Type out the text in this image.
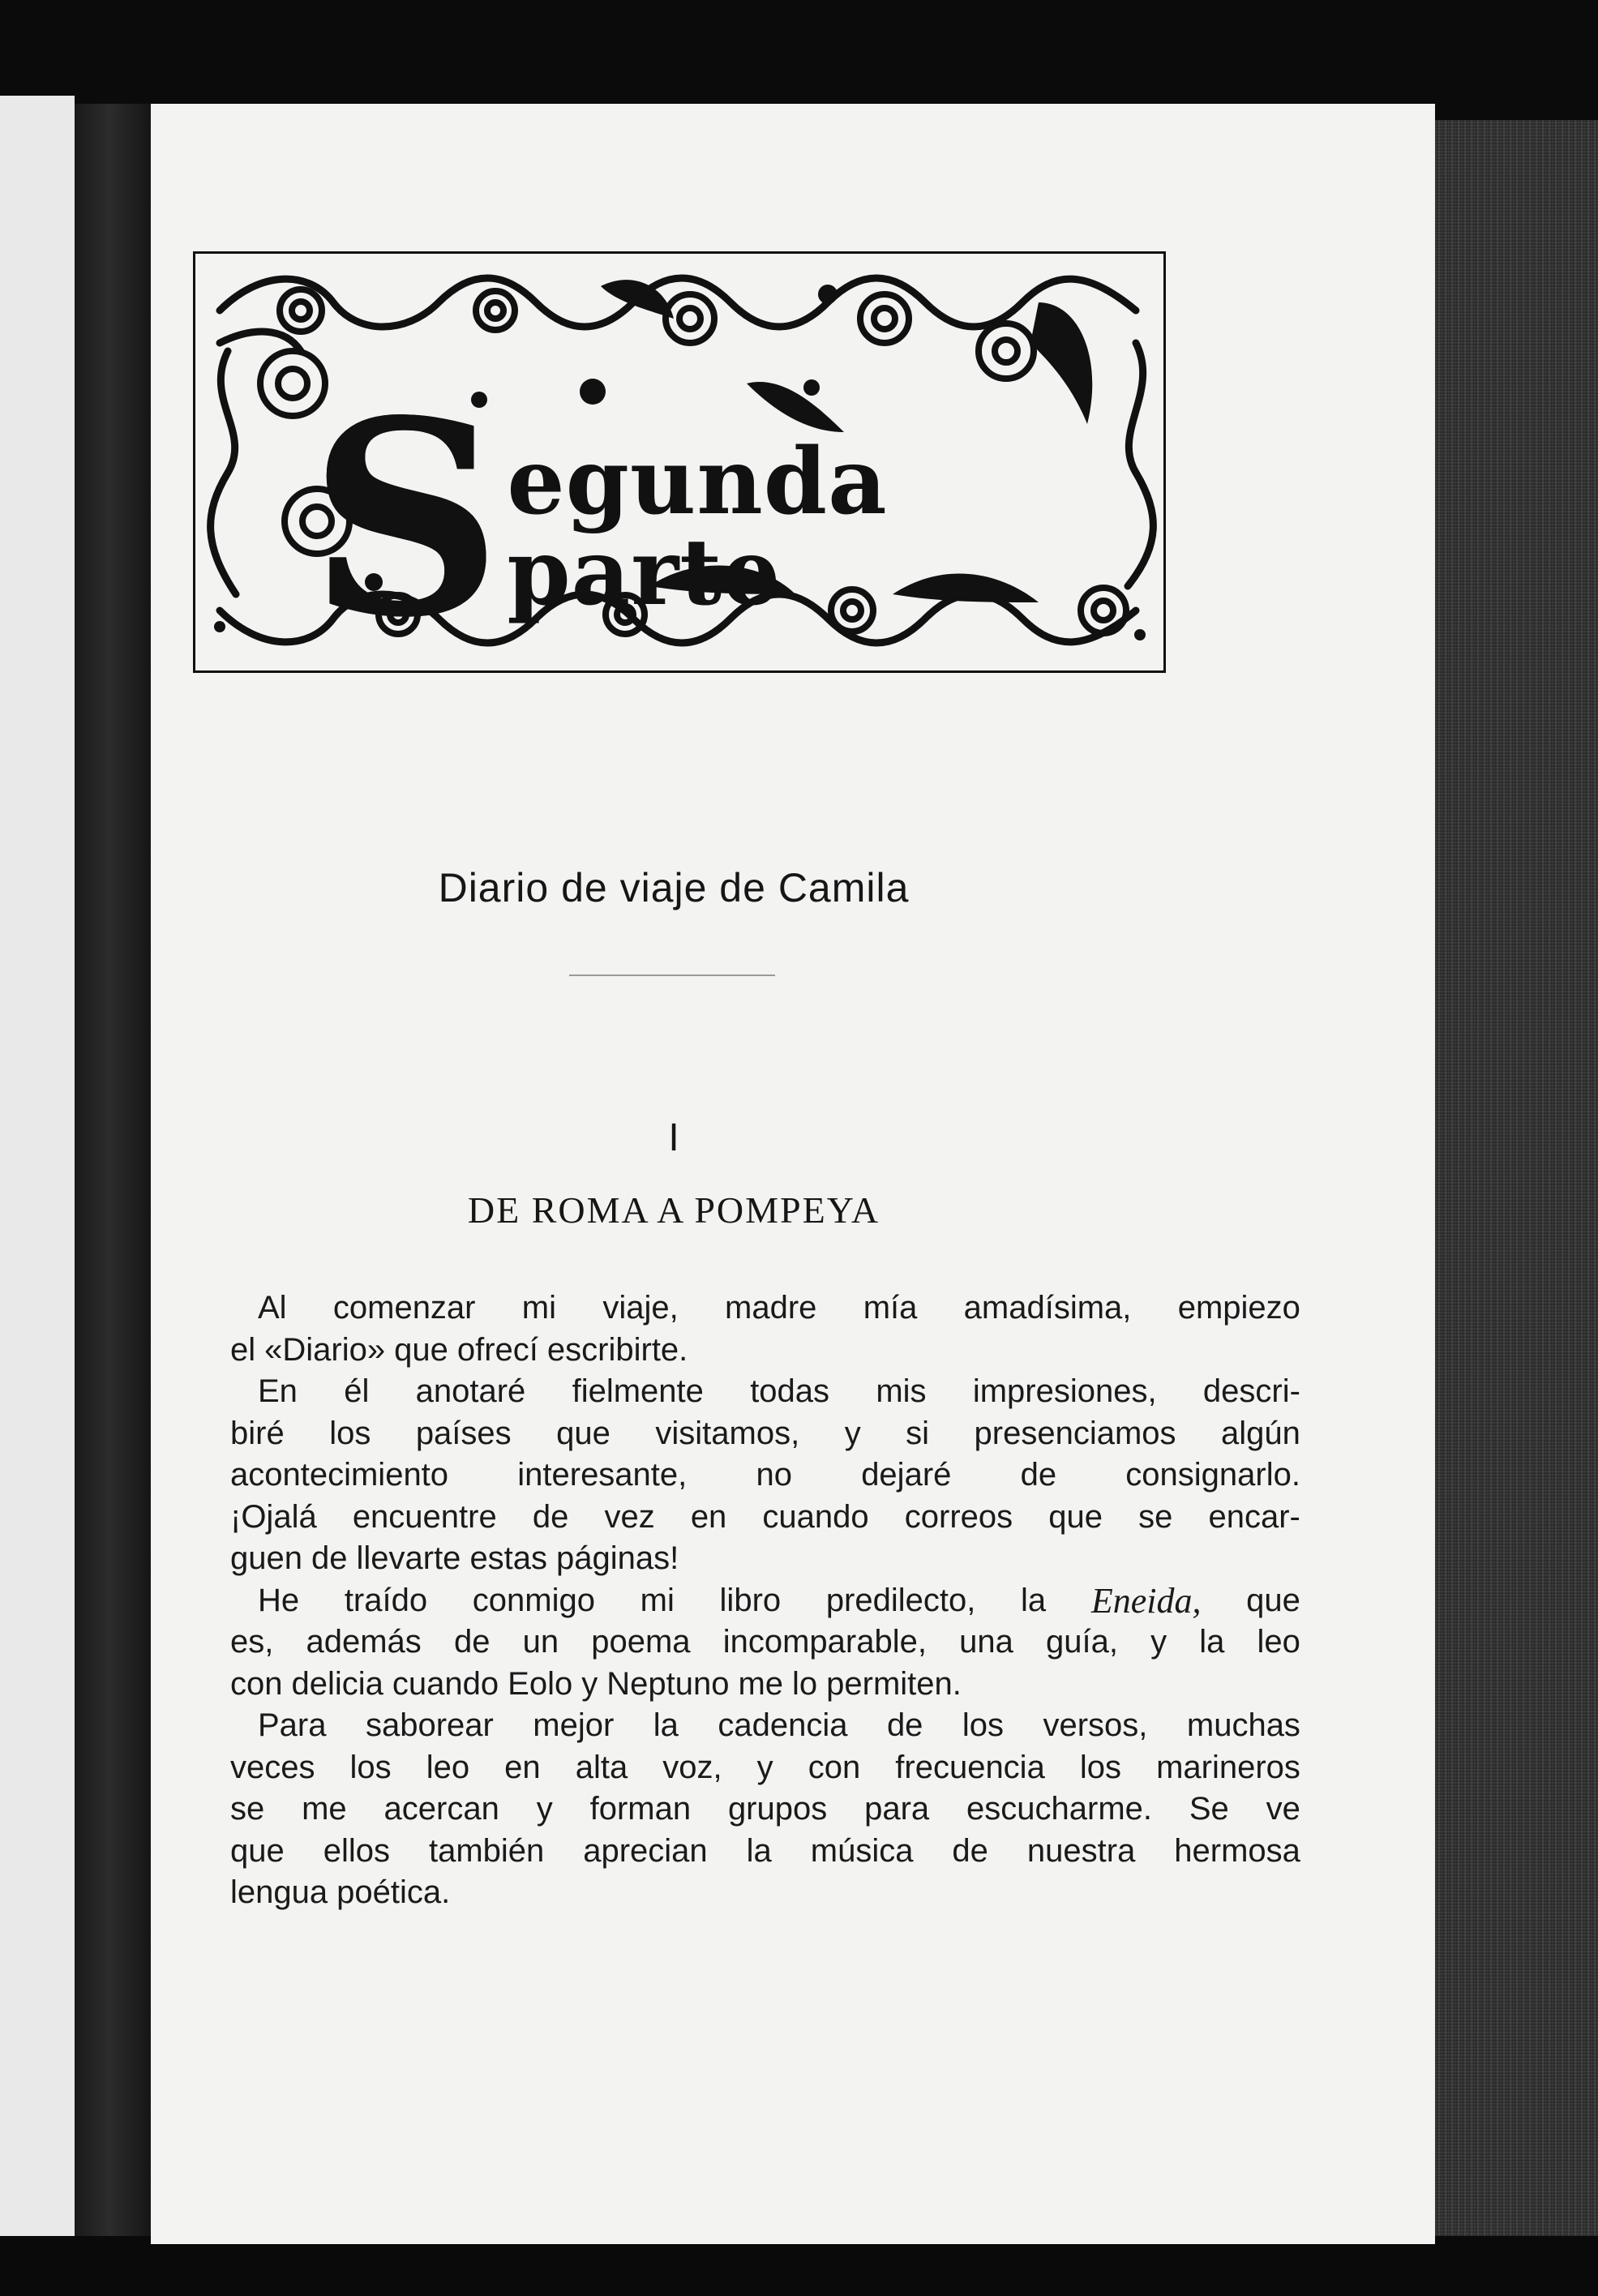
S egunda parte
Diario de viaje de Camila
I
DE ROMA A POMPEYA
Al comenzar mi viaje, madre mía amadísima, empiezo
el «Diario» que ofrecí escribirte.
En él anotaré fielmente todas mis impresiones, descri-
biré los países que visitamos, y si presenciamos algún
acontecimiento interesante, no dejaré de consignarlo.
¡Ojalá encuentre de vez en cuando correos que se encar-
guen de llevarte estas páginas!
He traído conmigo mi libro predilecto, la Eneida, que
es, además de un poema incomparable, una guía, y la leo
con delicia cuando Eolo y Neptuno me lo permiten.
Para saborear mejor la cadencia de los versos, muchas
veces los leo en alta voz, y con frecuencia los marineros
se me acercan y forman grupos para escucharme. Se ve
que ellos también aprecian la música de nuestra hermosa
lengua poética.
